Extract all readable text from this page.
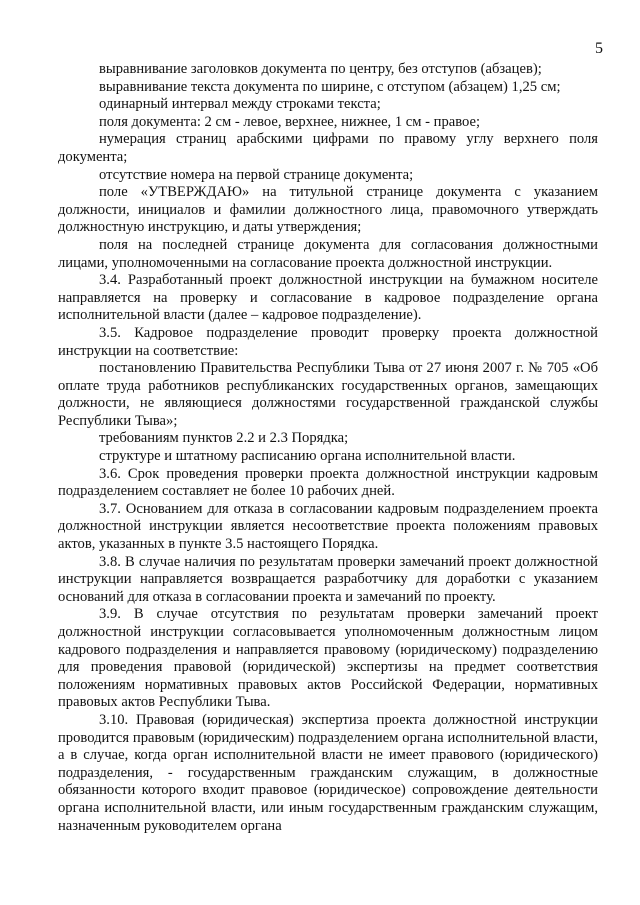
5

выравнивание заголовков документа по центру, без отступов (абзацев);

выравнивание текста документа по ширине, с отступом (абзацем) 1,25 см;

одинарный интервал между строками текста;

поля документа: 2 см - левое, верхнее, нижнее, 1 см - правое;

нумерация страниц арабскими цифрами по правому углу верхнего поля документа;

отсутствие номера на первой странице документа;

поле «УТВЕРЖДАЮ» на титульной странице документа с указанием должности, инициалов и фамилии должностного лица, правомочного утверждать должностную инструкцию, и даты утверждения;

поля на последней странице документа для согласования должностными лицами, уполномоченными на согласование проекта должностной инструкции.

3.4. Разработанный проект должностной инструкции на бумажном носителе направляется на проверку и согласование в кадровое подразделение органа исполнительной власти (далее – кадровое подразделение).

3.5. Кадровое подразделение проводит проверку проекта должностной инструкции на соответствие:

постановлению Правительства Республики Тыва от 27 июня 2007 г. № 705 «Об оплате труда работников республиканских государственных органов, замещающих должности, не являющиеся должностями государственной гражданской службы Республики Тыва»;

требованиям пунктов 2.2 и 2.3 Порядка;

структуре и штатному расписанию органа исполнительной власти.

3.6. Срок проведения проверки проекта должностной инструкции кадровым подразделением составляет не более 10 рабочих дней.

3.7. Основанием для отказа в согласовании кадровым подразделением проекта должностной инструкции является несоответствие проекта положениям правовых актов, указанных в пункте 3.5 настоящего Порядка.

3.8. В случае наличия по результатам проверки замечаний проект должностной инструкции направляется возвращается разработчику для доработки с указанием оснований для отказа в согласовании проекта и замечаний по проекту.

3.9. В случае отсутствия по результатам проверки замечаний проект должностной инструкции согласовывается уполномоченным должностным лицом кадрового подразделения и направляется правовому (юридическому) подразделению для проведения правовой (юридической) экспертизы на предмет соответствия положениям нормативных правовых актов Российской Федерации, нормативных правовых актов Республики Тыва.

3.10. Правовая (юридическая) экспертиза проекта должностной инструкции проводится правовым (юридическим) подразделением органа исполнительной власти, а в случае, когда орган исполнительной власти не имеет правового (юридического) подразделения, - государственным гражданским служащим, в должностные обязанности которого входит правовое (юридическое) сопровождение деятельности органа исполнительной власти, или иным государственным гражданским служащим, назначенным руководителем органа
